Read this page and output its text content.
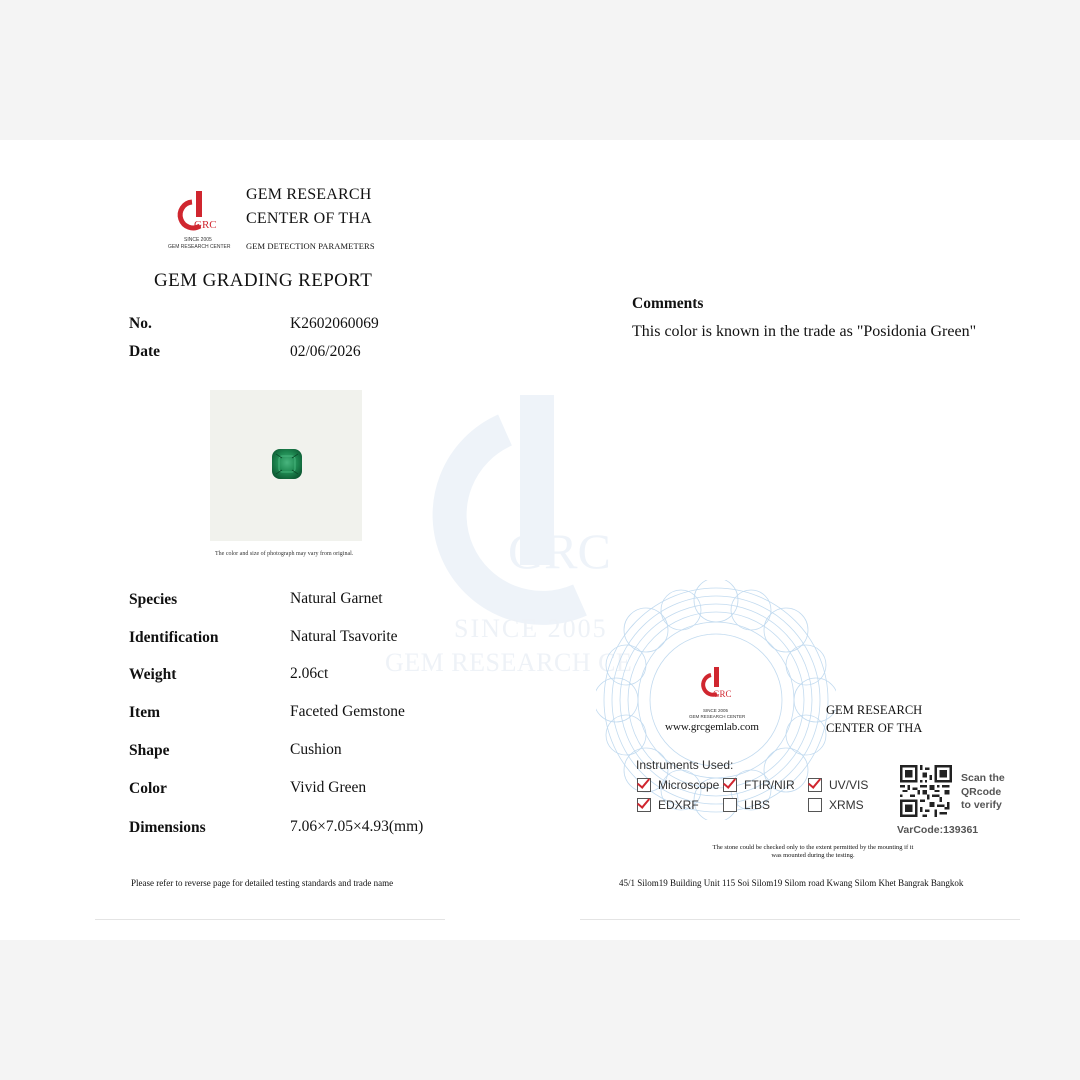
GRC
SINCE 2005
GEM RESEARCH CE
GRC
SINCE 2005
GEM RESEARCH CENTER
GEM RESEARCH
CENTER OF THA
GEM DETECTION PARAMETERS
GEM GRADING REPORT
No.	K2602060069
Date	02/06/2026
The color and size of photograph may vary from original.
Species	Natural Garnet
Identification	Natural Tsavorite
Weight	2.06ct
Item	Faceted Gemstone
Shape	Cushion
Color	Vivid Green
Dimensions	7.06×7.05×4.93(mm)
Comments
This color is known in the trade as "Posidonia Green"
GRC
SINCE 2005
GEM RESEARCH CENTER
www.grcgemlab.com
GEM RESEARCH
CENTER OF THA
Instruments Used:
Microscope FTIR/NIR	UV/VIS
EDXRF	LIBS	XRMS
Scan the
QRcode
to verify
VarCode:139361
The stone could be checked only to the extent permitted by the mounting if it
was mounted during the testing.
Please refer to reverse page for detailed testing standards and trade name	45/1 Silom19 Building Unit 115 Soi Silom19 Silom road Kwang Silom Khet Bangrak Bangkok
